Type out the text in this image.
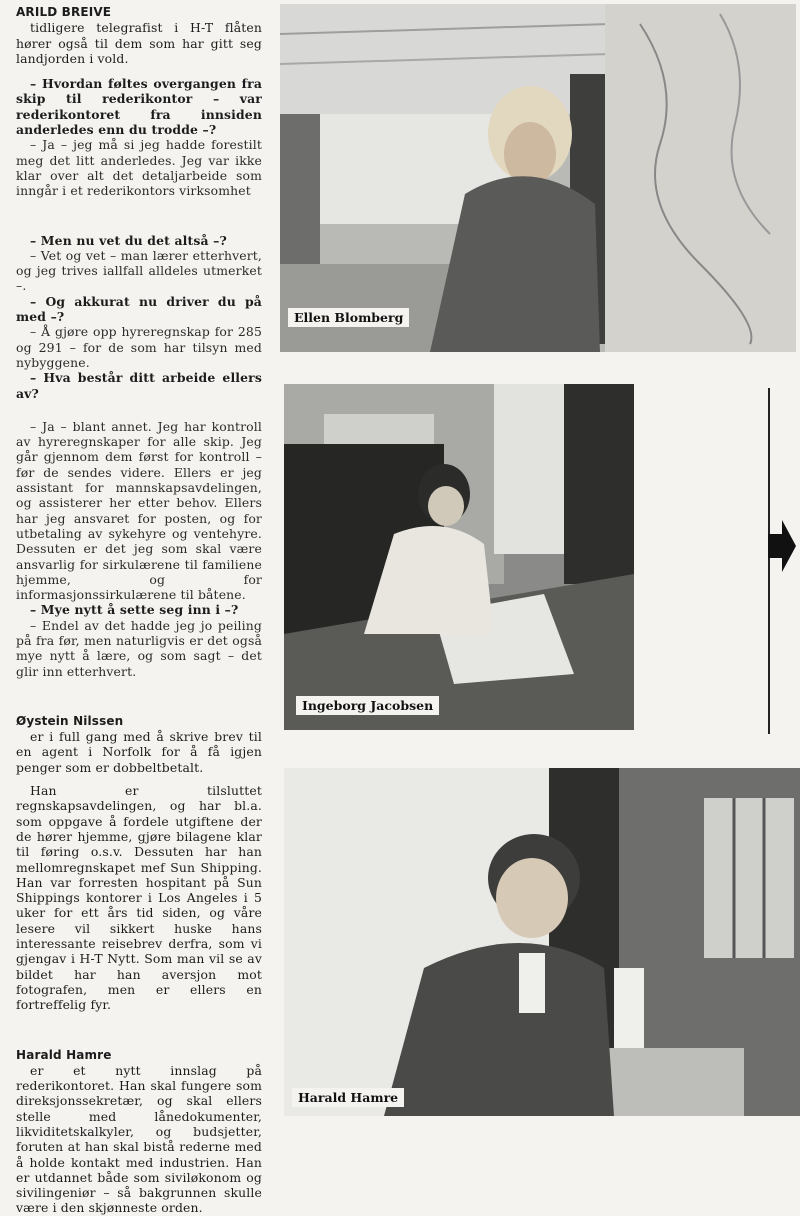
ARILD BREIVE

tidligere telegrafist i H-T flåten hører også til dem som har gitt seg landjorden i vold.

– Hvordan føltes overgangen fra skip til rederikontor – var rederikontoret fra innsiden anderledes enn du trodde –?

– Ja – jeg må si jeg hadde forestilt meg det litt anderledes. Jeg var ikke klar over alt det detaljarbeide som inngår i et rederikontors virksomhet

– Men nu vet du det altså –?

– Vet og vet – man lærer etterhvert, og jeg trives iallfall alldeles utmerket –.

– Og akkurat nu driver du på med –?

– Å gjøre opp hyreregnskap for 285 og 291 – for de som har tilsyn med nybyggene.

– Hva består ditt arbeide ellers av?

– Ja – blant annet. Jeg har kontroll av hyreregnskaper for alle skip. Jeg går gjennom dem først for kontroll – før de sendes videre. Ellers er jeg assistant for mannskapsavdelingen, og assisterer her etter behov. Ellers har jeg ansvaret for posten, og for utbetaling av sykehyre og ventehyre. Dessuten er det jeg som skal være ansvarlig for sirkulærene til familiene hjemme, og for informasjonssirkulærene til båtene.

– Mye nytt å sette seg inn i –?

– Endel av det hadde jeg jo peiling på fra før, men naturligvis er det også mye nytt å lære, og som sagt – det glir inn etterhvert.

Øystein Nilssen

er i full gang med å skrive brev til en agent i Norfolk for å få igjen penger som er dobbeltbetalt.

Han er tilsluttet regnskapsavdelingen, og har bl.a. som oppgave å fordele utgiftene der de hører hjemme, gjøre bilagene klar til føring o.s.v. Dessuten har han mellomregnskapet mef Sun Shipping. Han var forresten hospitant på Sun Shippings kontorer i Los Angeles i 5 uker for ett års tid siden, og våre lesere vil sikkert huske hans interessante reisebrev derfra, som vi gjengav i H-T Nytt. Som man vil se av bildet har han aversjon mot fotografen, men er ellers en fortreffelig fyr.

Harald Hamre

er et nytt innslag på rederikontoret. Han skal fungere som direksjonssekretær, og skal ellers stelle med lånedokumenter, likviditetskalkyler, og budsjetter, foruten at han skal bistå rederne med å holde kontakt med industrien. Han er utdannet både som siviløkonom og sivilingeniør – så bakgrunnen skulle være i den skjønneste orden.

Ellen Blomberg
Ingeborg Jacobsen
Harald Hamre
